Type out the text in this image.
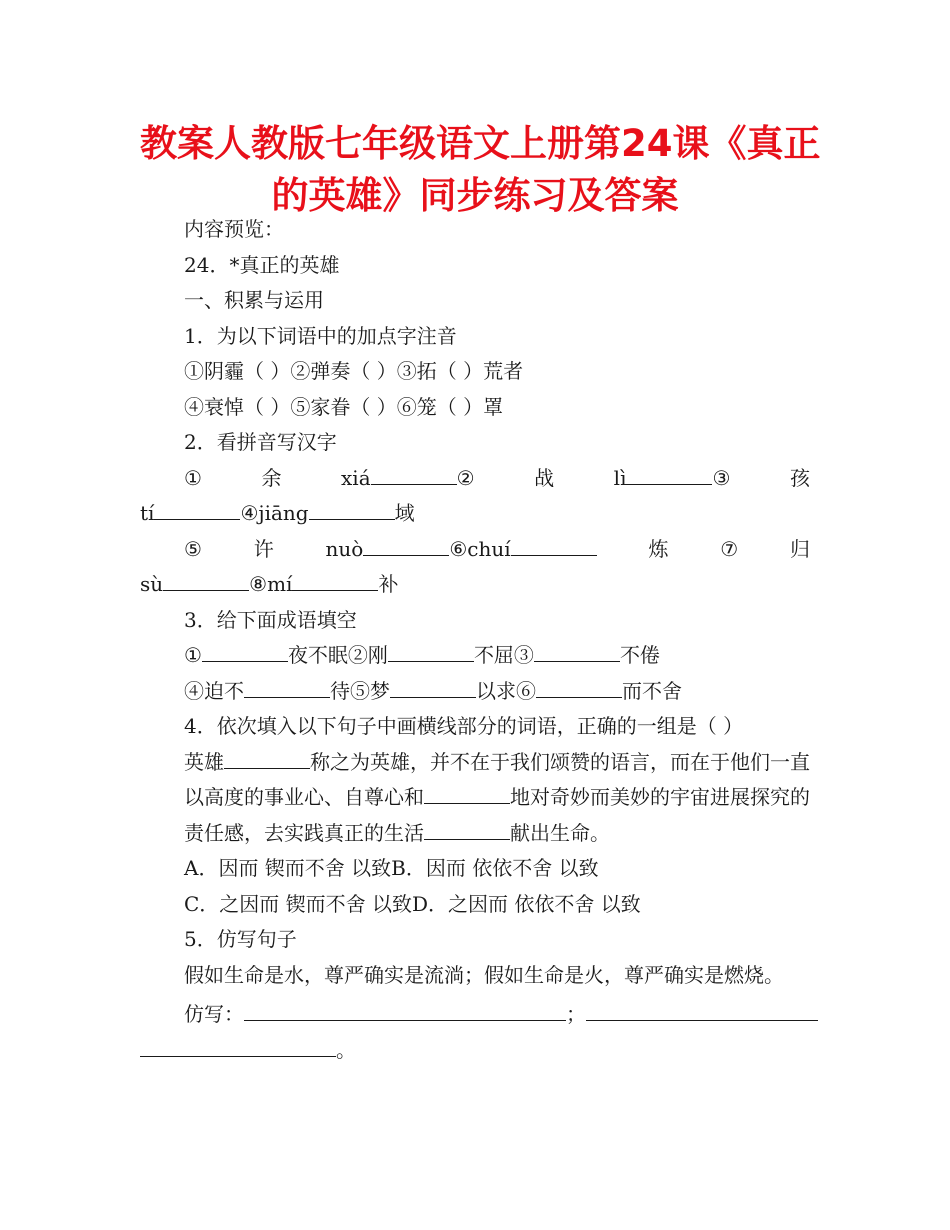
教案人教版七年级语文上册第24课《真正
的英雄》同步练习及答案

内容预览：

24．*真正的英雄

一、积累与运用

1．为以下词语中的加点字注音

①阴霾（ ）②弹奏（ ）③拓（ ）荒者

④衰悼（ ）⑤家眷（ ）⑥笼（ ）罩

2．看拼音写汉字

①	余	xiá	②	战	lì	③	孩

tí	④jiāng	域

⑤	许	nuò	⑥chuí	炼	⑦	归

sù	⑧mí	补

3．给下面成语填空

①	夜不眠②刚	不屈③	不倦

④迫不	待⑤梦	以求⑥	而不舍

4．依次填入以下句子中画横线部分的词语，正确的一组是（ ）

英雄	称之为英雄，并不在于我们颂赞的语言，而在于他们一直以高度的事业心、自尊心和	地对奇妙而美妙的宇宙进展探究的责任感，去实践真正的生活	献出生命。

A．因而 锲而不舍 以致B．因而 依依不舍 以致

C．之因而 锲而不舍 以致D．之因而 依依不舍 以致

5．仿写句子

假如生命是水，尊严确实是流淌；假如生命是火，尊严确实是燃烧。

仿写：	；

。
